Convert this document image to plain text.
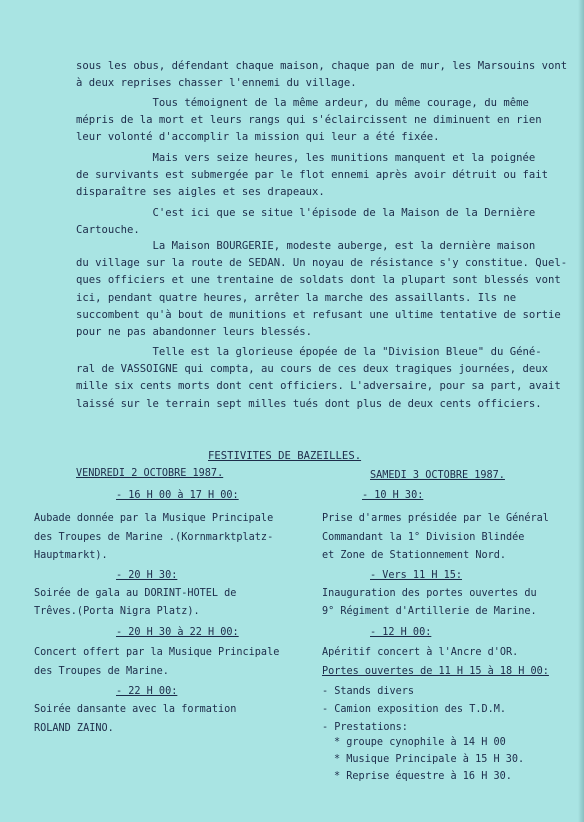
sous les obus, défendant chaque maison, chaque pan de mur, les Marsouins vont
à deux reprises chasser l'ennemi du village.
Tous témoignent de la même ardeur, du même courage, du même
mépris de la mort et leurs rangs qui s'éclaircissent ne diminuent en rien
leur volonté d'accomplir la mission qui leur a été fixée.
Mais vers seize heures, les munitions manquent et la poignée
de survivants est submergée par le flot ennemi après avoir détruit ou fait
disparaître ses aigles et ses drapeaux.
C'est ici que se situe l'épisode de la Maison de la Dernière
Cartouche.
La Maison BOURGERIE, modeste auberge, est la dernière maison
du village sur la route de SEDAN. Un noyau de résistance s'y constitue. Quel-
ques officiers et une trentaine de soldats dont la plupart sont blessés vont
ici, pendant quatre heures, arrêter la marche des assaillants. Ils ne
succombent qu'à bout de munitions et refusant une ultime tentative de sortie
pour ne pas abandonner leurs blessés.
Telle est la glorieuse épopée de la "Division Bleue" du Géné-
ral de VASSOIGNE qui compta, au cours de ces deux tragiques journées, deux
mille six cents morts dont cent officiers. L'adversaire, pour sa part, avait
laissé sur le terrain sept milles tués dont plus de deux cents officiers.
FESTIVITES DE BAZEILLES.
VENDREDI 2 OCTOBRE 1987.
- 16 H 00 à 17 H 00:
Aubade donnée par la Musique Principale
des Troupes de Marine .(Kornmarktplatz-
Hauptmarkt).
- 20 H 30:
Soirée de gala au DORINT-HOTEL de
Trêves.(Porta Nigra Platz).
- 20 H 30 à 22 H 00:
Concert offert par la Musique Principale
des Troupes de Marine.
- 22 H 00:
Soirée dansante avec la formation
ROLAND ZAINO.
SAMEDI 3 OCTOBRE 1987.
- 10 H 30:
Prise d'armes présidée par le Général
Commandant la 1° Division Blindée
et Zone de Stationnement Nord.
- Vers 11 H 15:
Inauguration des portes ouvertes du
9° Régiment d'Artillerie de Marine.
- 12 H 00:
Apéritif concert à l'Ancre d'OR.
Portes ouvertes de 11 H 15 à 18 H 00:
- Stands divers
- Camion exposition des T.D.M.
- Prestations:
* groupe cynophile à 14 H 00
* Musique Principale à 15 H 30.
* Reprise équestre à 16 H 30.
